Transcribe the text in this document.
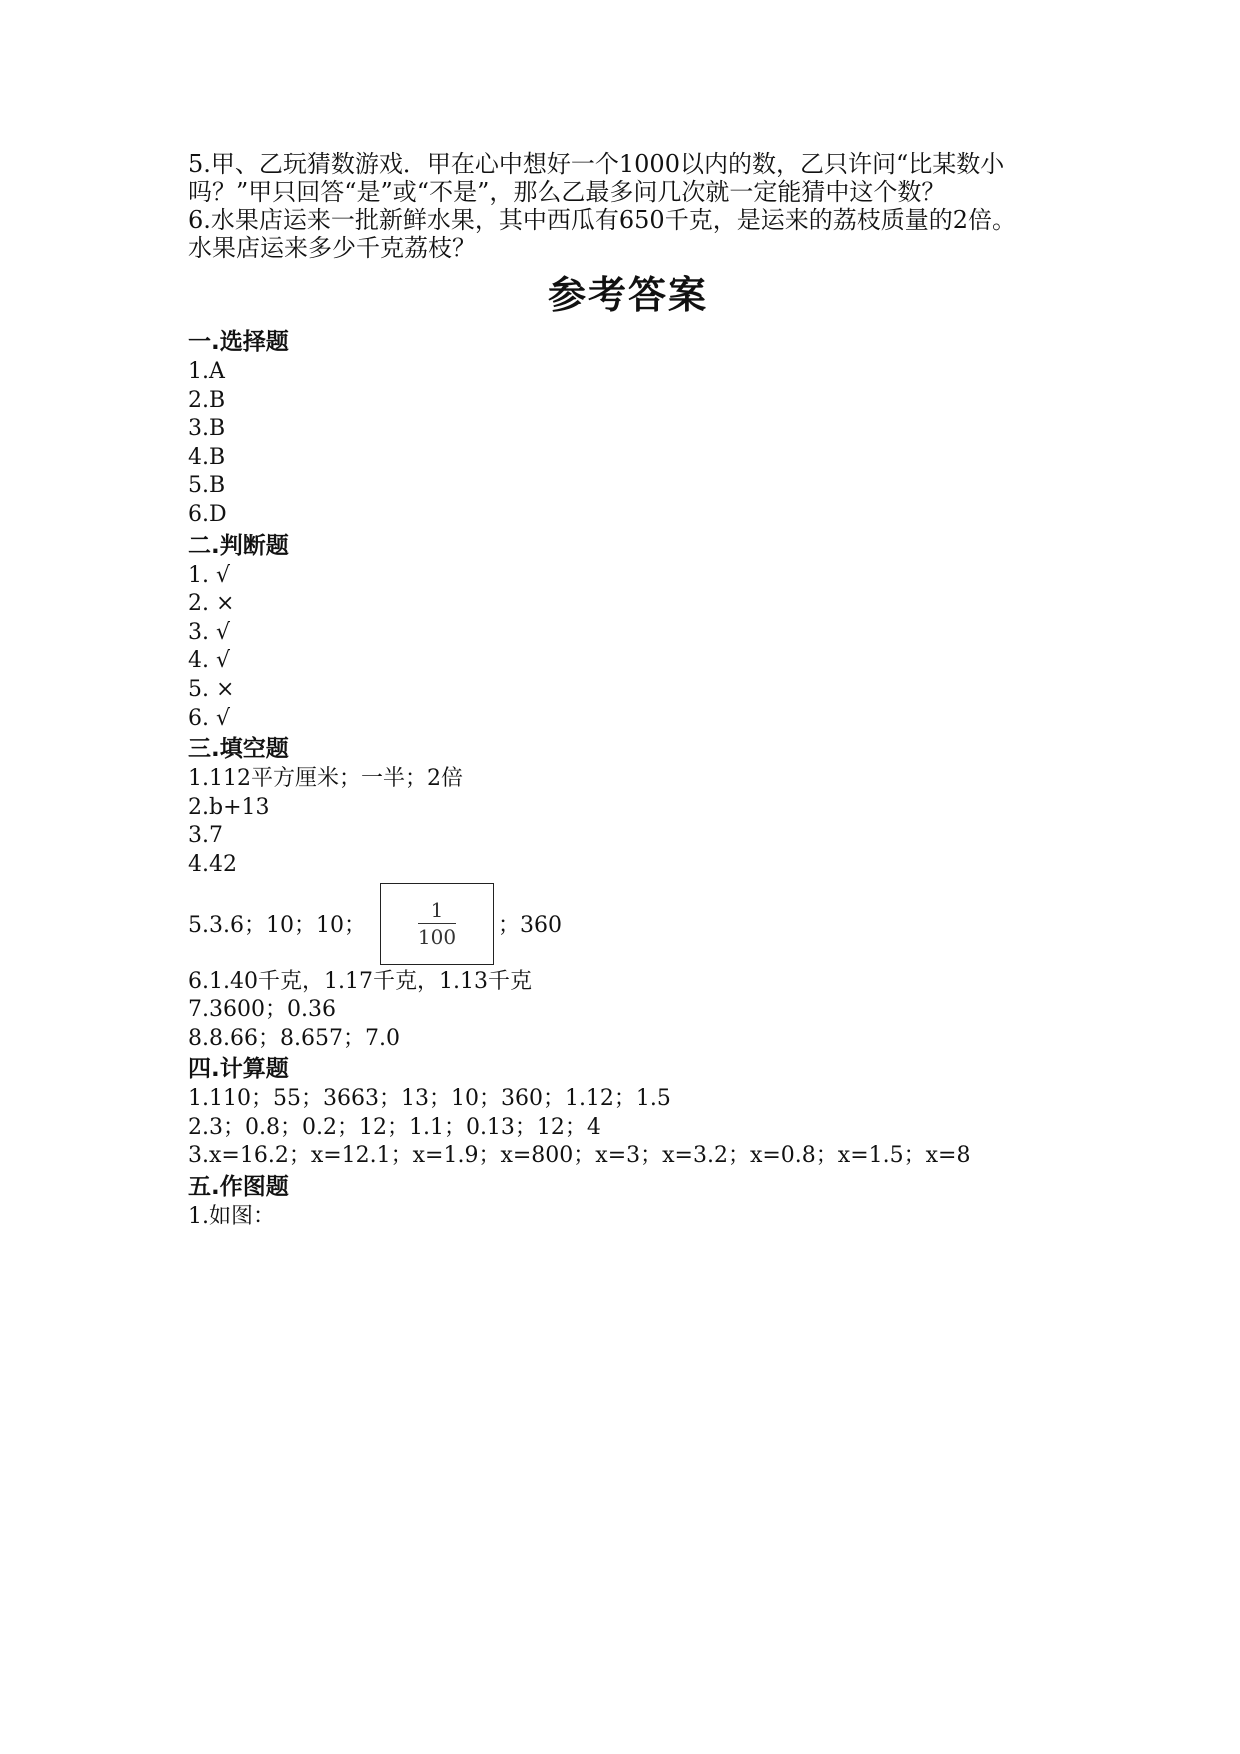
5.甲、乙玩猜数游戏．甲在心中想好一个1000以内的数，乙只许问“比某数小

吗？”甲只回答“是”或“不是”，那么乙最多问几次就一定能猜中这个数？

6.水果店运来一批新鲜水果，其中西瓜有650千克，是运来的荔枝质量的2倍。

水果店运来多少千克荔枝？

参考答案

一.选择题

1.A

2.B

3.B

4.B

5.B

6.D

二.判断题

1. √

2. ×

3. √

4. √

5. ×

6. √

三.填空题

1.112平方厘米；一半；2倍

2.b+13

3.7

4.42

5.3.6；10；10；	$\frac{1}{100}$ ；360

6.1.40千克，1.17千克，1.13千克

7.3600；0.36

8.8.66；8.657；7.0

四.计算题

1.110；55；3663；13；10；360；1.12；1.5

2.3；0.8；0.2；12；1.1；0.13；12；4

3.x=16.2；x=12.1；x=1.9；x=800；x=3；x=3.2；x=0.8；x=1.5；x=8

五.作图题

1.如图：
